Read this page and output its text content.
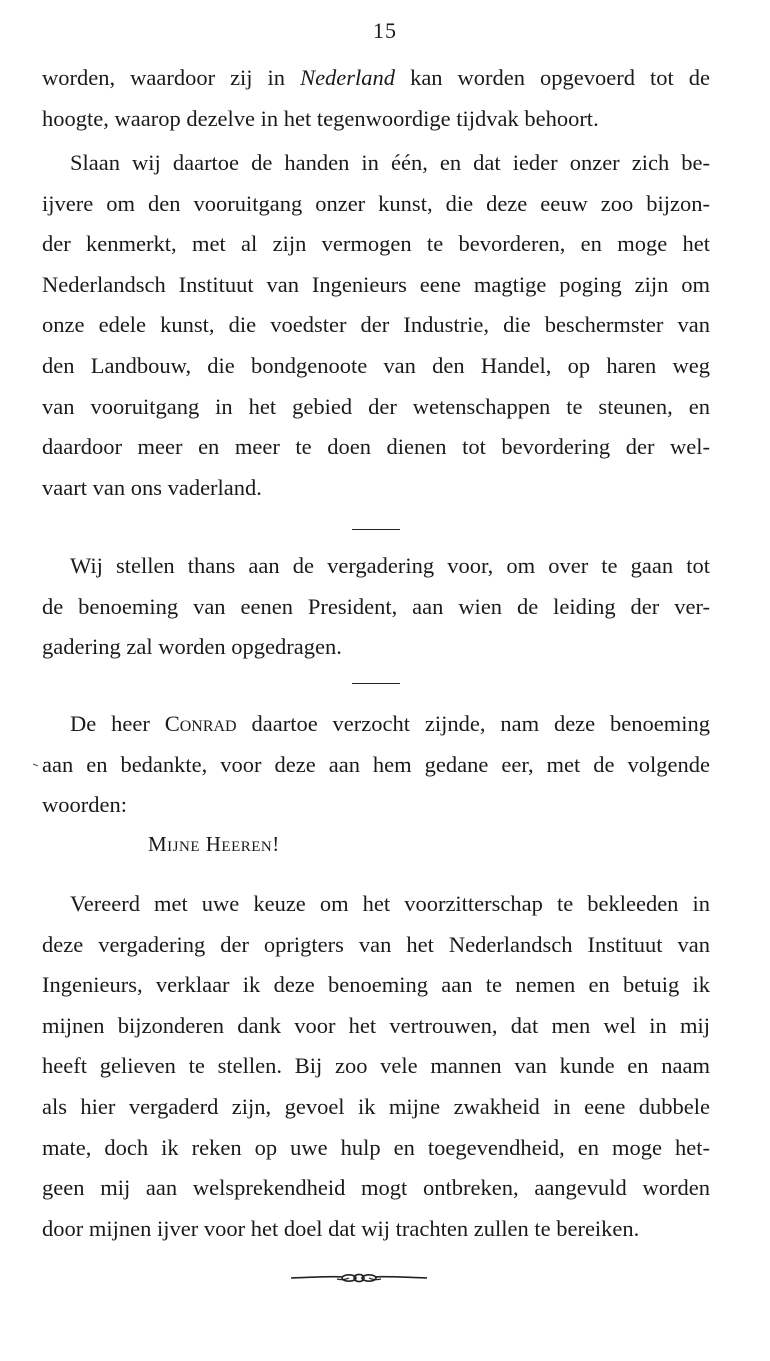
15
worden, waardoor zij in Nederland kan worden opgevoerd tot de
hoogte, waarop dezelve in het tegenwoordige tijdvak behoort.
Slaan wij daartoe de handen in één, en dat ieder onzer zich be-
ijvere om den vooruitgang onzer kunst, die deze eeuw zoo bijzon-
der kenmerkt, met al zijn vermogen te bevorderen, en moge het
Nederlandsch Instituut van Ingenieurs eene magtige poging zijn om
onze edele kunst, die voedster der Industrie, die beschermster van
den Landbouw, die bondgenoote van den Handel, op haren weg
van vooruitgang in het gebied der wetenschappen te steunen, en
daardoor meer en meer te doen dienen tot bevordering der wel-
vaart van ons vaderland.
Wij stellen thans aan de vergadering voor, om over te gaan tot
de benoeming van eenen President, aan wien de leiding der ver-
gadering zal worden opgedragen.
De heer Conrad daartoe verzocht zijnde, nam deze benoeming
aan en bedankte, voor deze aan hem gedane eer, met de volgende
woorden:
Mijne Heeren!
Vereerd met uwe keuze om het voorzitterschap te bekleeden in
deze vergadering der oprigters van het Nederlandsch Instituut van
Ingenieurs, verklaar ik deze benoeming aan te nemen en betuig ik
mijnen bijzonderen dank voor het vertrouwen, dat men wel in mij
heeft gelieven te stellen. Bij zoo vele mannen van kunde en naam
als hier vergaderd zijn, gevoel ik mijne zwakheid in eene dubbele
mate, doch ik reken op uwe hulp en toegevendheid, en moge het-
geen mij aan welsprekendheid mogt ontbreken, aangevuld worden
door mijnen ijver voor het doel dat wij trachten zullen te bereiken.
